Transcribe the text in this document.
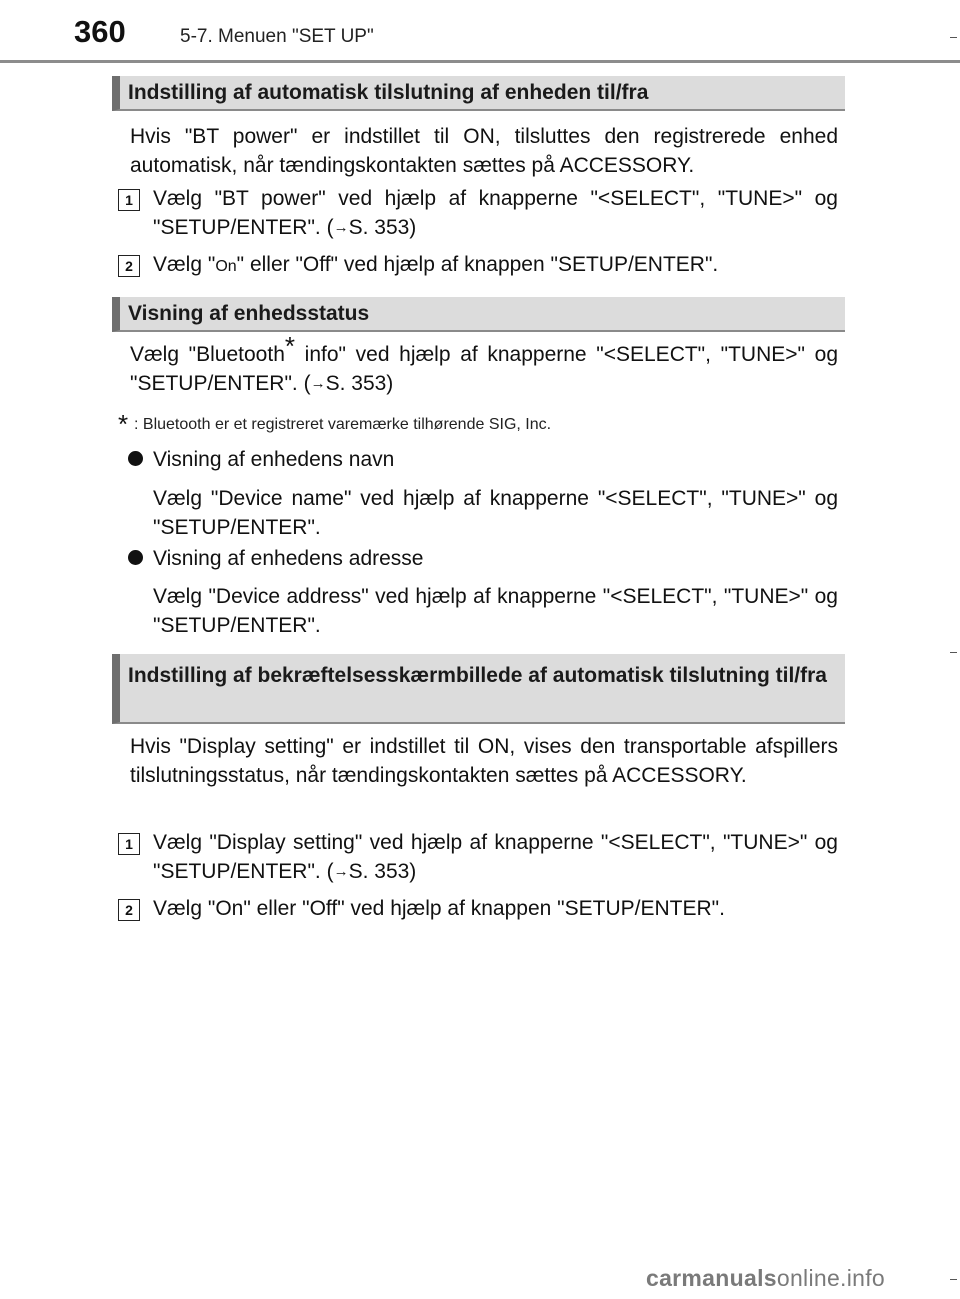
360	5-7. Menuen "SET UP"
Indstilling af automatisk tilslutning af enheden til/fra
Hvis "BT power" er indstillet til ON, tilsluttes den registrerede enhed automatisk, når tændingskontakten sættes på ACCESSORY.
1 Vælg "BT power" ved hjælp af knapperne "<SELECT", "TUNE>" og "SETUP/ENTER". (→S. 353)
2 Vælg "On" eller "Off" ved hjælp af knappen "SETUP/ENTER".
Visning af enhedsstatus
Vælg "Bluetooth* info" ved hjælp af knapperne "<SELECT", "TUNE>" og "SETUP/ENTER". (→S. 353)
* : Bluetooth er et registreret varemærke tilhørende SIG, Inc.
Visning af enhedens navn
Vælg "Device name" ved hjælp af knapperne "<SELECT", "TUNE>" og "SETUP/ENTER".
Visning af enhedens adresse
Vælg "Device address" ved hjælp af knapperne "<SELECT", "TUNE>" og "SETUP/ENTER".
Indstilling af bekræftelsesskærmbillede af automatisk tilslutning til/fra
Hvis "Display setting" er indstillet til ON, vises den transportable afspillers tilslutningsstatus, når tændingskontakten sættes på ACCESSORY.
1 Vælg "Display setting" ved hjælp af knapperne "<SELECT", "TUNE>" og "SETUP/ENTER". (→S. 353)
2 Vælg "On" eller "Off" ved hjælp af knappen "SETUP/ENTER".
carmanualsonline.info
